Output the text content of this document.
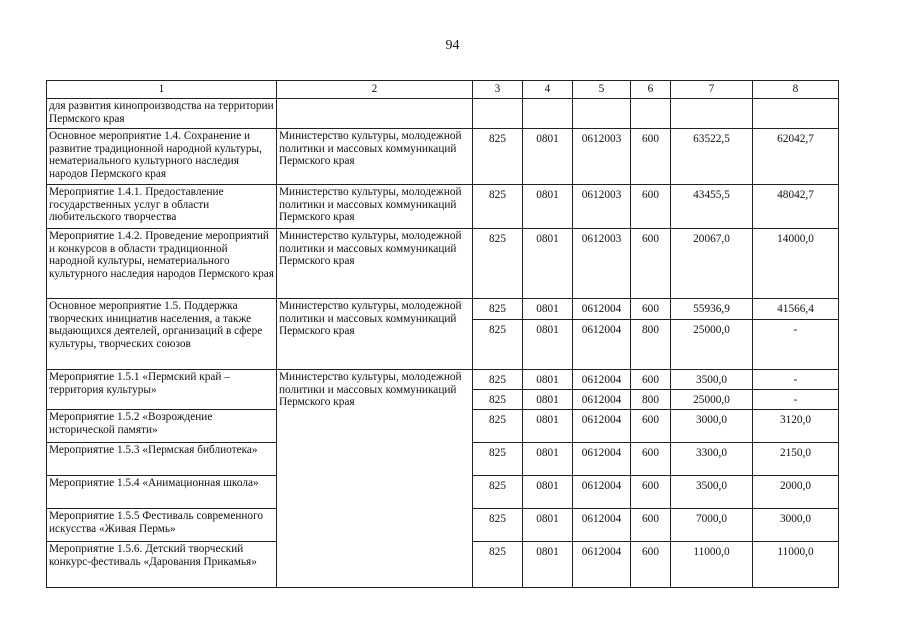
94
1	2	3	4	5	6	7	8
для развития кинопроизводства на территории Пермского края							
Основное мероприятие 1.4. Сохранение и развитие традиционной народной культуры, нематериального культурного наследия народов Пермского края	Министерство культуры, молодежной политики и массовых коммуникаций Пермского края	825	0801	0612003	600	63522,5	62042,7
Мероприятие 1.4.1. Предоставление государственных услуг в области любительского творчества	Министерство культуры, молодежной политики и массовых коммуникаций Пермского края	825	0801	0612003	600	43455,5	48042,7
Мероприятие 1.4.2. Проведение мероприятий и конкурсов в области традиционной народной культуры, нематериального культурного наследия народов Пермского края	Министерство культуры, молодежной политики и массовых коммуникаций Пермского края	825	0801	0612003	600	20067,0	14000,0
Основное мероприятие 1.5. Поддержка творческих инициатив населения, а также выдающихся деятелей, организаций в сфере культуры, творческих союзов	Министерство культуры, молодежной политики и массовых коммуникаций Пермского края	825	0801	0612004	600	55936,9	41566,4
		825	0801	0612004	800	25000,0	-
Мероприятие 1.5.1 «Пермский край – территория культуры»	Министерство культуры, молодежной политики и массовых коммуникаций Пермского края	825	0801	0612004	600	3500,0	-
		825	0801	0612004	800	25000,0	-
Мероприятие 1.5.2 «Возрождение исторической памяти»		825	0801	0612004	600	3000,0	3120,0
Мероприятие 1.5.3 «Пермская библиотека»		825	0801	0612004	600	3300,0	2150,0
Мероприятие 1.5.4 «Анимационная школа»		825	0801	0612004	600	3500,0	2000,0
Мероприятие 1.5.5 Фестиваль современного искусства «Живая Пермь»		825	0801	0612004	600	7000,0	3000,0
Мероприятие 1.5.6. Детский творческий конкурс-фестиваль «Дарования Прикамья»		825	0801	0612004	600	11000,0	11000,0
